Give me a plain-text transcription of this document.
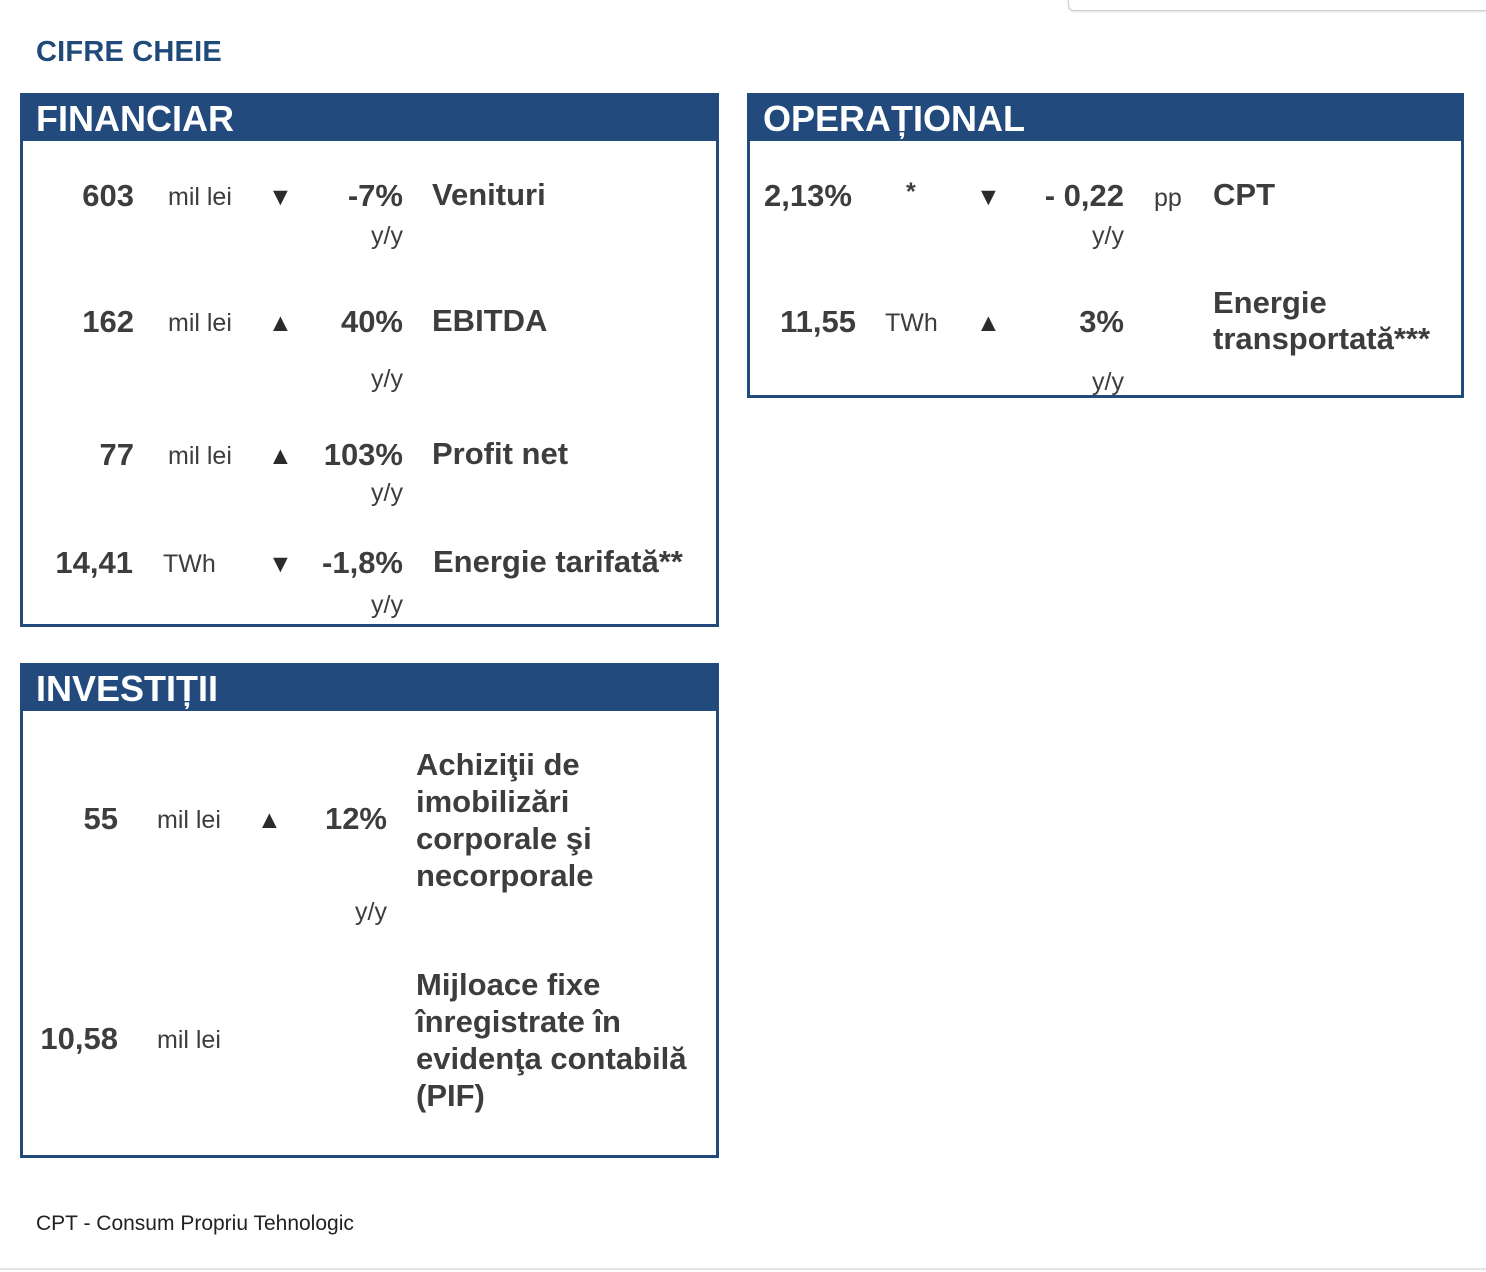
CIFRE CHEIE
FINANCIAR
603 mil lei ▼	-7%
y/y
Venituri
162 mil lei ▲	40%
y/y
EBITDA
77 mil lei ▲ 103%
y/y
Profit net
14,41 TWh ▼ -1,8%
y/y
Energie tarifată**
OPERAȚIONAL
2,13% * ▼	- 0,22 pp
y/y
CPT
11,55 TWh ▲	3%
y/y
Energie transportată***
INVESTIȚII
55 mil lei ▲	12%
y/y
Achiziţii de imobilizări corporale şi necorporale
10,58 mil lei
Mijloace fixe înregistrate în evidenţa contabilă (PIF)
CPT - Consum Propriu Tehnologic
